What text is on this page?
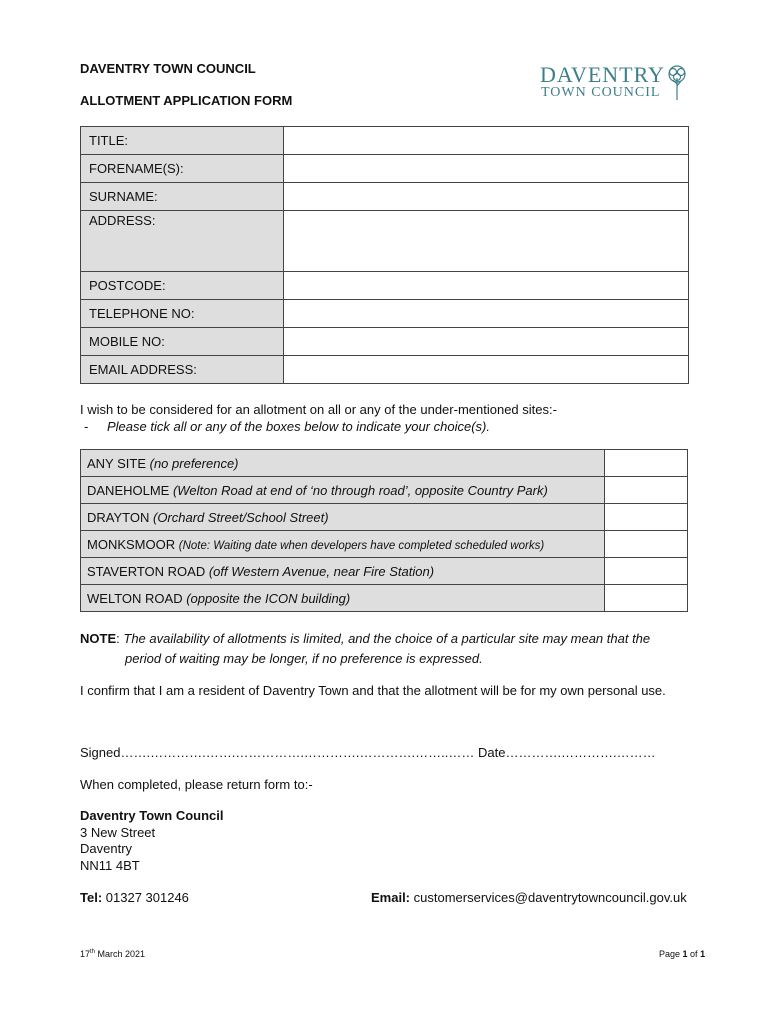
DAVENTRY TOWN COUNCIL
ALLOTMENT APPLICATION FORM
DAVENTRY
TOWN COUNCIL
TITLE:	
FORENAME(S):	
SURNAME:	
ADDRESS:	
POSTCODE:	
TELEPHONE NO:	
MOBILE NO:	
EMAIL ADDRESS:	
I wish to be considered for an allotment on all or any of the under-mentioned sites:-
- Please tick all or any of the boxes below to indicate your choice(s).
ANY SITE (no preference)	
DANEHOLME (Welton Road at end of ‘no through road’, opposite Country Park)	
DRAYTON (Orchard Street/School Street)	
MONKSMOOR (Note: Waiting date when developers have completed scheduled works)	
STAVERTON ROAD (off Western Avenue, near Fire Station)	
WELTON ROAD (opposite the ICON building)	
NOTE: The availability of allotments is limited, and the choice of a particular site may mean that the
period of waiting may be longer, if no preference is expressed.
I confirm that I am a resident of Daventry Town and that the allotment will be for my own personal use.
Signed…….………….…….…………….………….………….……..…… Date………….………….………
When completed, please return form to:-
Daventry Town Council
3 New Street
Daventry
NN11 4BT
Tel: 01327 301246	Email: customerservices@daventrytowncouncil.gov.uk
17th March 2021	Page 1 of 1
